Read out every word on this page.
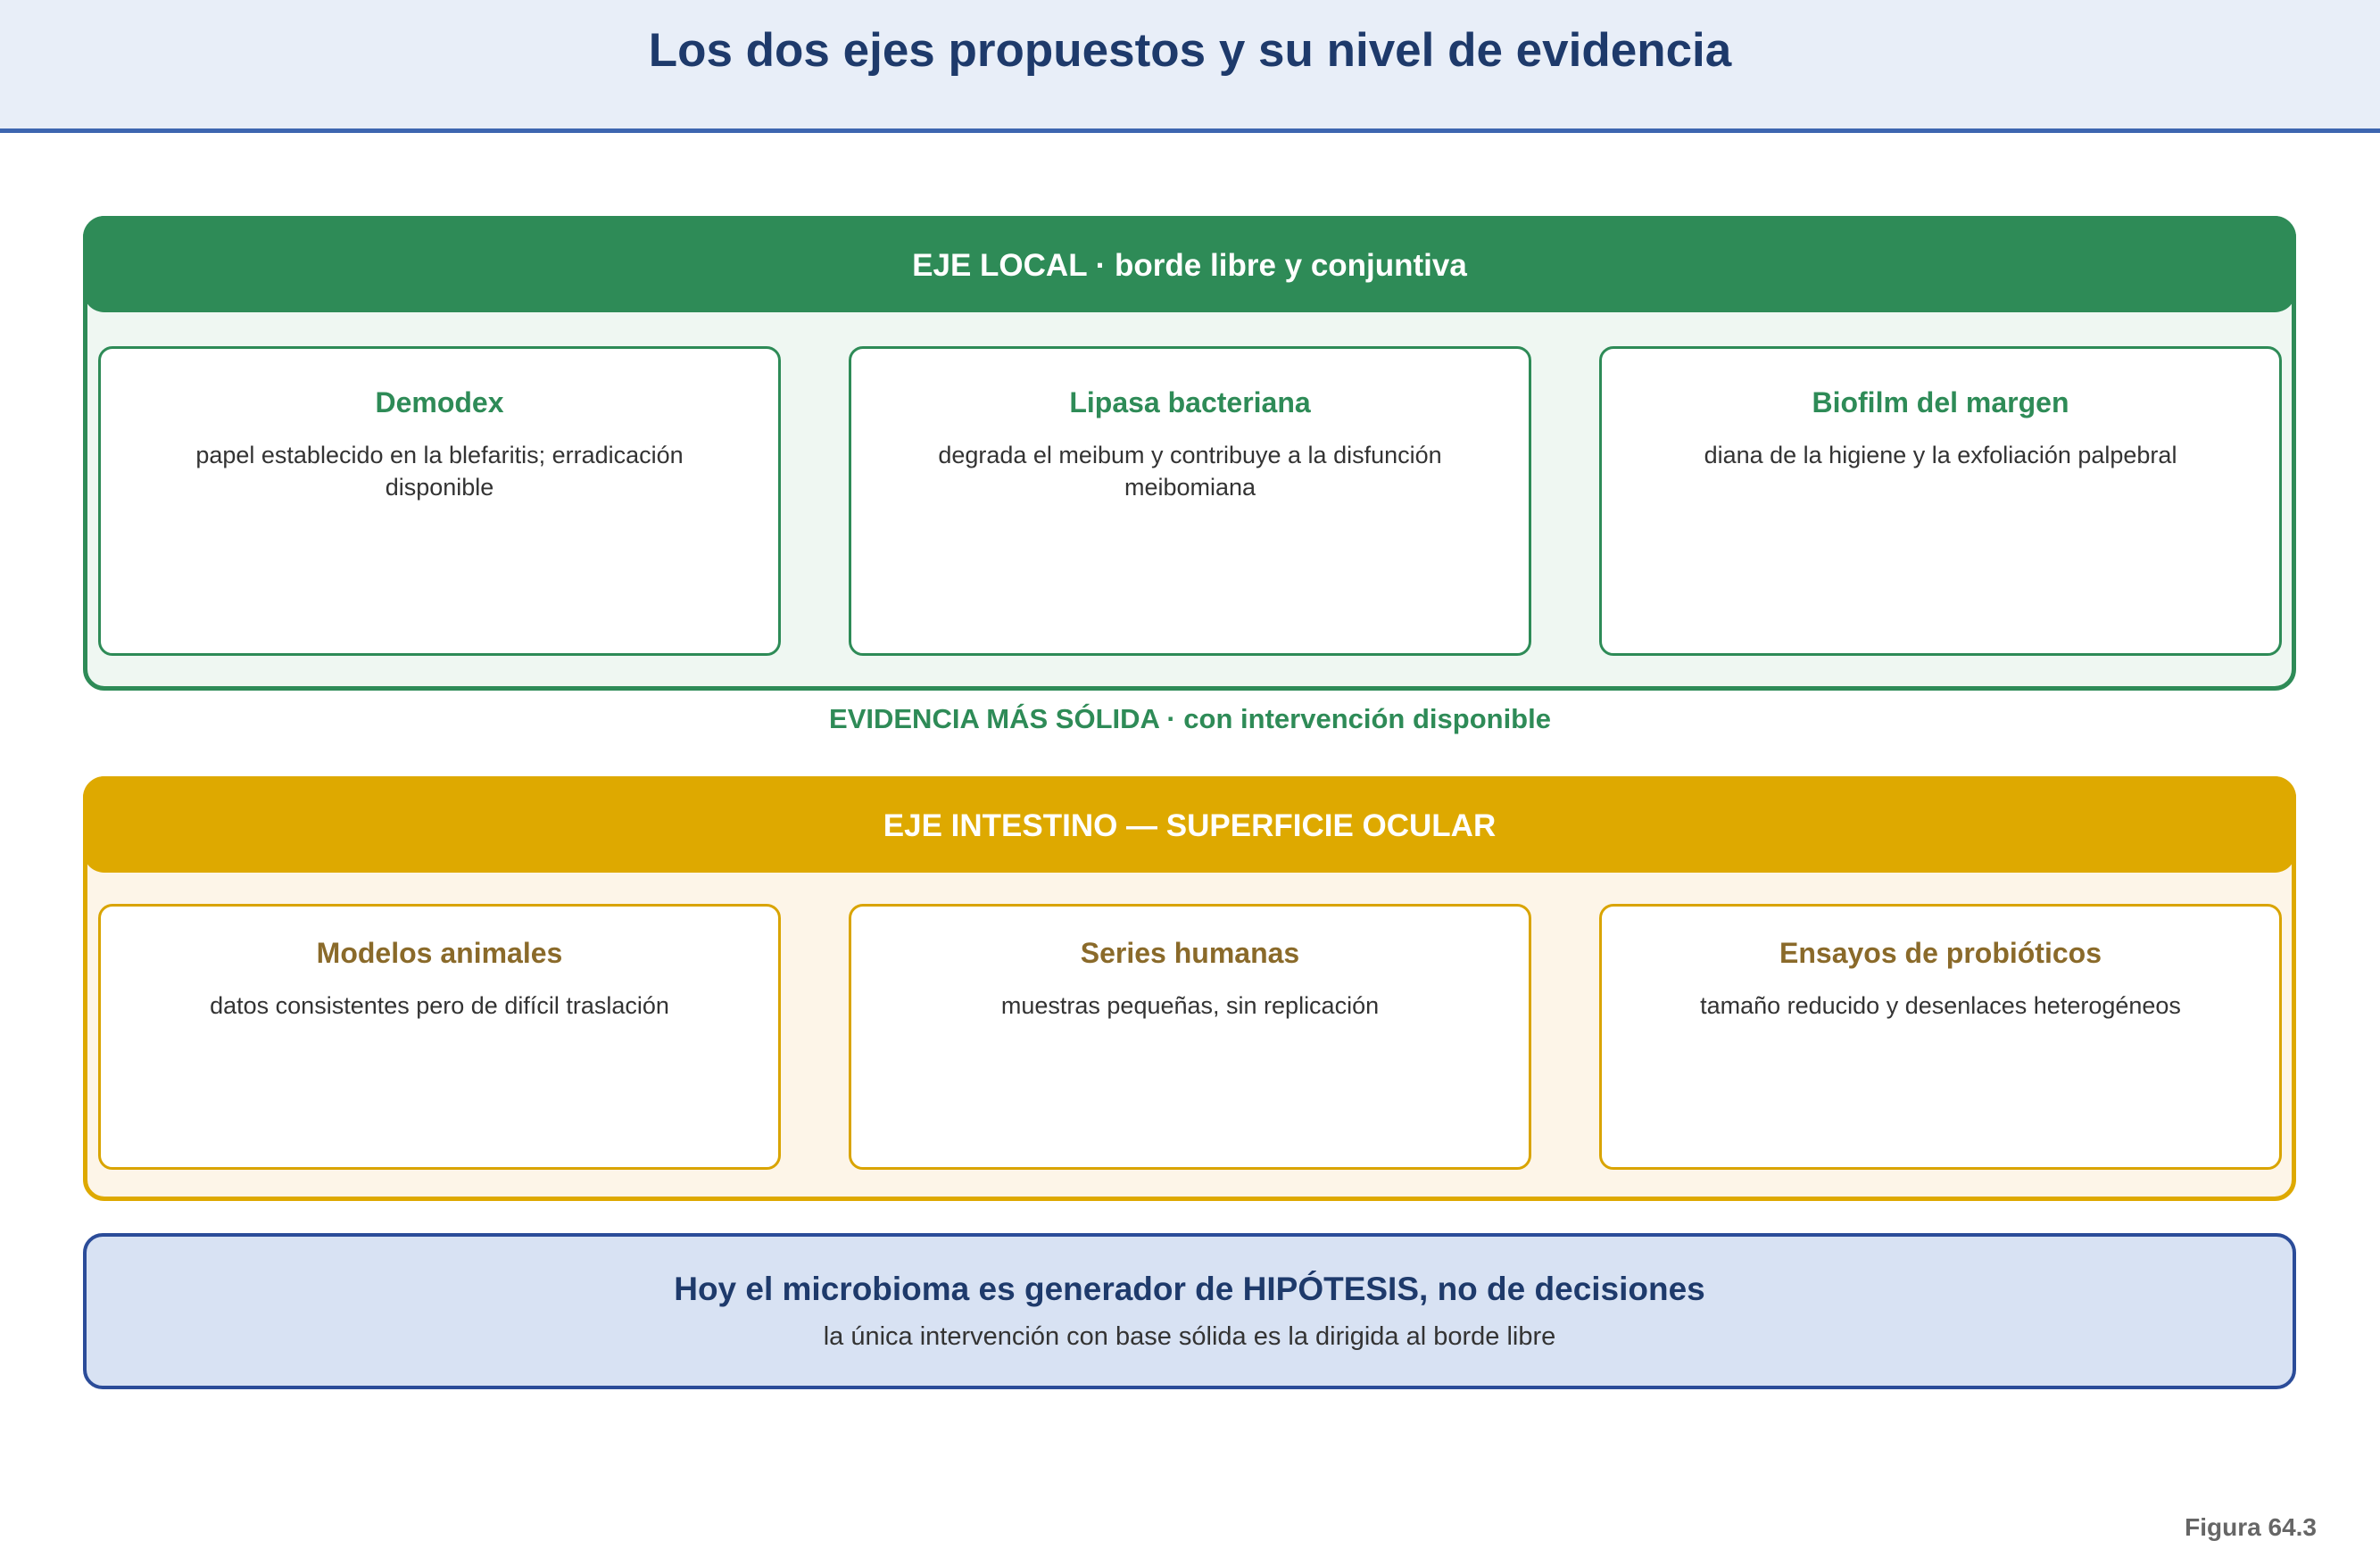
Los dos ejes propuestos y su nivel de evidencia
EJE LOCAL · borde libre y conjuntiva
Demodex
papel establecido en la blefaritis; erradicación disponible
Lipasa bacteriana
degrada el meibum y contribuye a la disfunción meibomiana
Biofilm del margen
diana de la higiene y la exfoliación palpebral
EVIDENCIA MÁS SÓLIDA · con intervención disponible
EJE INTESTINO — SUPERFICIE OCULAR
Modelos animales
datos consistentes pero de difícil traslación
Series humanas
muestras pequeñas, sin replicación
Ensayos de probióticos
tamaño reducido y desenlaces heterogéneos
Hoy el microbioma es generador de HIPÓTESIS, no de decisiones
la única intervención con base sólida es la dirigida al borde libre
Figura 64.3
